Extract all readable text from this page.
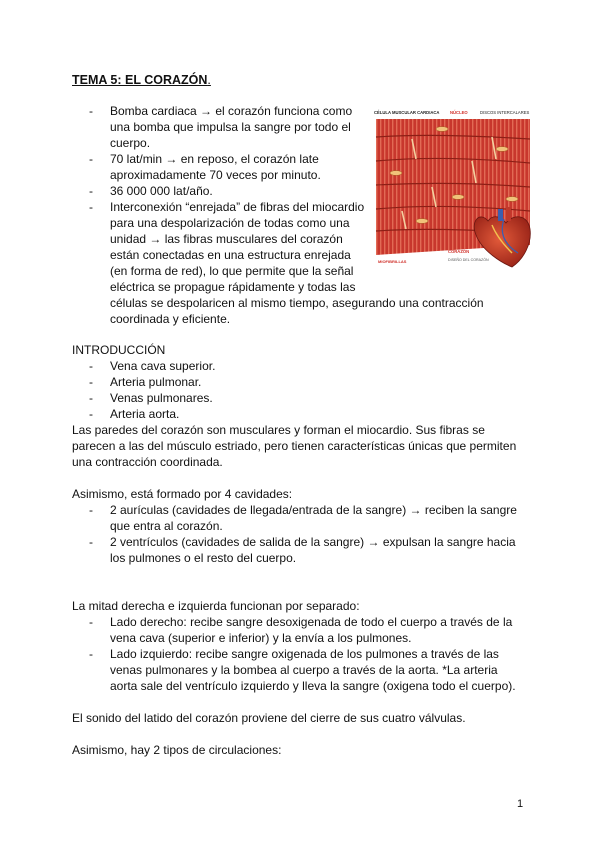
TEMA 5: EL CORAZÓN.
CÉLULA MUSCULAR CARDIACA	NÚCLEO	DISCOS INTERCALARES
MIOFIBRILLAS
CORAZÓN
DISEÑO DEL CORAZÓN
- Bomba cardiaca → el corazón funciona como una bomba que impulsa la sangre por todo el cuerpo.
- 70 lat/min → en reposo, el corazón late aproximadamente 70 veces por minuto.
- 36 000 000 lat/año.
- Interconexión “enrejada” de fibras del miocardio para una despolarización de todas como una unidad → las fibras musculares del corazón están conectadas en una estructura enrejada (en forma de red), lo que permite que la señal eléctrica se propague rápidamente y todas las células se despolaricen al mismo tiempo, asegurando una contracción coordinada y eficiente.
INTRODUCCIÓN
- Vena cava superior.
- Arteria pulmonar.
- Venas pulmonares.
- Arteria aorta.
Las paredes del corazón son musculares y forman el miocardio. Sus fibras se parecen a las del músculo estriado, pero tienen características únicas que permiten una contracción coordinada.
Asimismo, está formado por 4 cavidades:
- 2 aurículas (cavidades de llegada/entrada de la sangre) → reciben la sangre que entra al corazón.
- 2 ventrículos (cavidades de salida de la sangre) → expulsan la sangre hacia los pulmones o el resto del cuerpo.
La mitad derecha e izquierda funcionan por separado:
- Lado derecho: recibe sangre desoxigenada de todo el cuerpo a través de la vena cava (superior e inferior) y la envía a los pulmones.
- Lado izquierdo: recibe sangre oxigenada de los pulmones a través de las venas pulmonares y la bombea al cuerpo a través de la aorta. *La arteria aorta sale del ventrículo izquierdo y lleva la sangre (oxigena todo el cuerpo).
El sonido del latido del corazón proviene del cierre de sus cuatro válvulas.
Asimismo, hay 2 tipos de circulaciones:
1
